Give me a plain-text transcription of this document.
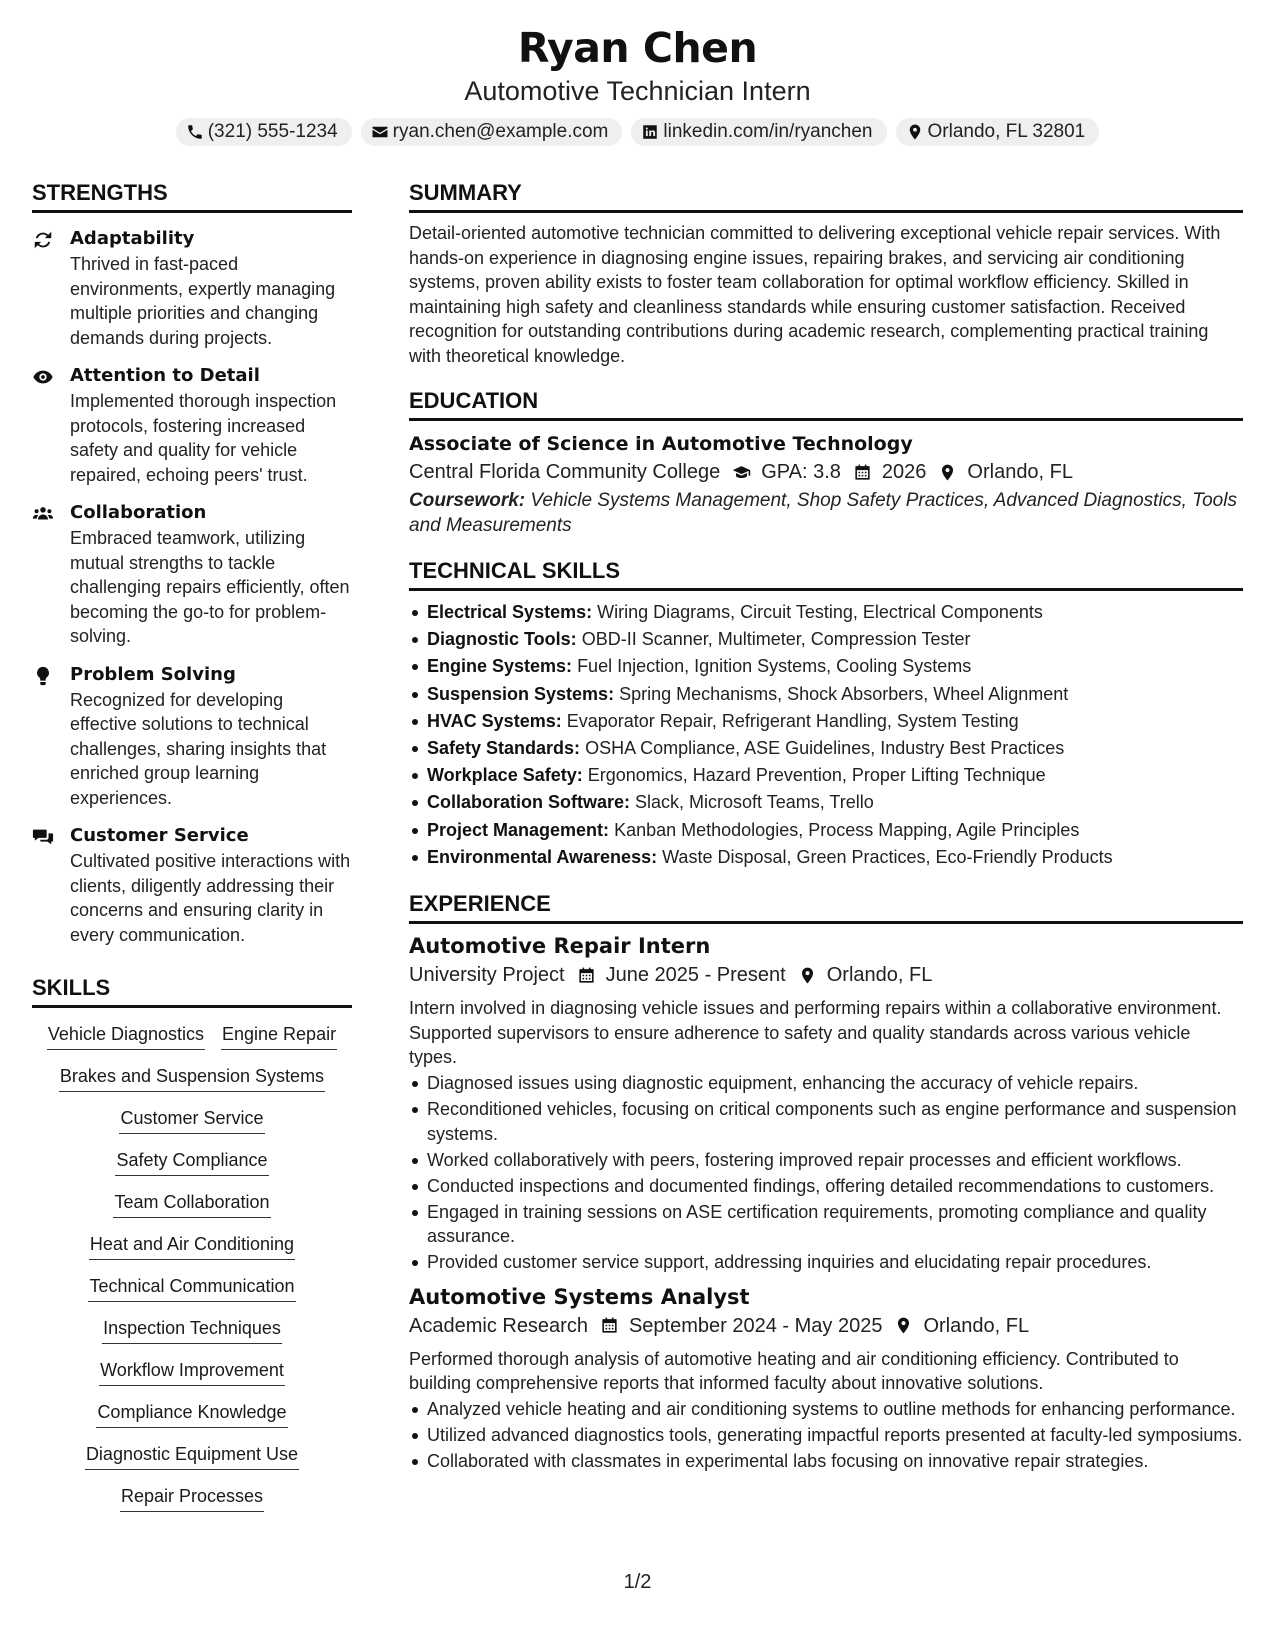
Ryan Chen
Automotive Technician Intern
(321) 555-1234	ryan.chen@example.com	linkedin.com/in/ryanchen	Orlando, FL 32801
STRENGTHS
Adaptability
Thrived in fast-paced environments, expertly managing multiple priorities and changing demands during projects.
Attention to Detail
Implemented thorough inspection protocols, fostering increased safety and quality for vehicle repaired, echoing peers' trust.
Collaboration
Embraced teamwork, utilizing mutual strengths to tackle challenging repairs efficiently, often becoming the go-to for problem-solving.
Problem Solving
Recognized for developing effective solutions to technical challenges, sharing insights that enriched group learning experiences.
Customer Service
Cultivated positive interactions with clients, diligently addressing their concerns and ensuring clarity in every communication.
SKILLS
Vehicle Diagnostics Engine Repair
Brakes and Suspension Systems
Customer Service
Safety Compliance
Team Collaboration
Heat and Air Conditioning
Technical Communication
Inspection Techniques
Workflow Improvement
Compliance Knowledge
Diagnostic Equipment Use
Repair Processes
SUMMARY
Detail-oriented automotive technician committed to delivering exceptional vehicle repair services. With hands-on experience in diagnosing engine issues, repairing brakes, and servicing air conditioning systems, proven ability exists to foster team collaboration for optimal workflow efficiency. Skilled in maintaining high safety and cleanliness standards while ensuring customer satisfaction. Received recognition for outstanding contributions during academic research, complementing practical training with theoretical knowledge.
EDUCATION
Associate of Science in Automotive Technology
Central Florida Community College GPA: 3.8 2026 Orlando, FL
Coursework: Vehicle Systems Management, Shop Safety Practices, Advanced Diagnostics, Tools and Measurements
TECHNICAL SKILLS
Electrical Systems: Wiring Diagrams, Circuit Testing, Electrical Components
Diagnostic Tools: OBD-II Scanner, Multimeter, Compression Tester
Engine Systems: Fuel Injection, Ignition Systems, Cooling Systems
Suspension Systems: Spring Mechanisms, Shock Absorbers, Wheel Alignment
HVAC Systems: Evaporator Repair, Refrigerant Handling, System Testing
Safety Standards: OSHA Compliance, ASE Guidelines, Industry Best Practices
Workplace Safety: Ergonomics, Hazard Prevention, Proper Lifting Technique
Collaboration Software: Slack, Microsoft Teams, Trello
Project Management: Kanban Methodologies, Process Mapping, Agile Principles
Environmental Awareness: Waste Disposal, Green Practices, Eco-Friendly Products
EXPERIENCE
Automotive Repair Intern
University Project June 2025 - Present Orlando, FL
Intern involved in diagnosing vehicle issues and performing repairs within a collaborative environment. Supported supervisors to ensure adherence to safety and quality standards across various vehicle types.
Diagnosed issues using diagnostic equipment, enhancing the accuracy of vehicle repairs.
Reconditioned vehicles, focusing on critical components such as engine performance and suspension systems.
Worked collaboratively with peers, fostering improved repair processes and efficient workflows.
Conducted inspections and documented findings, offering detailed recommendations to customers.
Engaged in training sessions on ASE certification requirements, promoting compliance and quality assurance.
Provided customer service support, addressing inquiries and elucidating repair procedures.
Automotive Systems Analyst
Academic Research September 2024 - May 2025 Orlando, FL
Performed thorough analysis of automotive heating and air conditioning efficiency. Contributed to building comprehensive reports that informed faculty about innovative solutions.
Analyzed vehicle heating and air conditioning systems to outline methods for enhancing performance.
Utilized advanced diagnostics tools, generating impactful reports presented at faculty-led symposiums.
Collaborated with classmates in experimental labs focusing on innovative repair strategies.
1/2
